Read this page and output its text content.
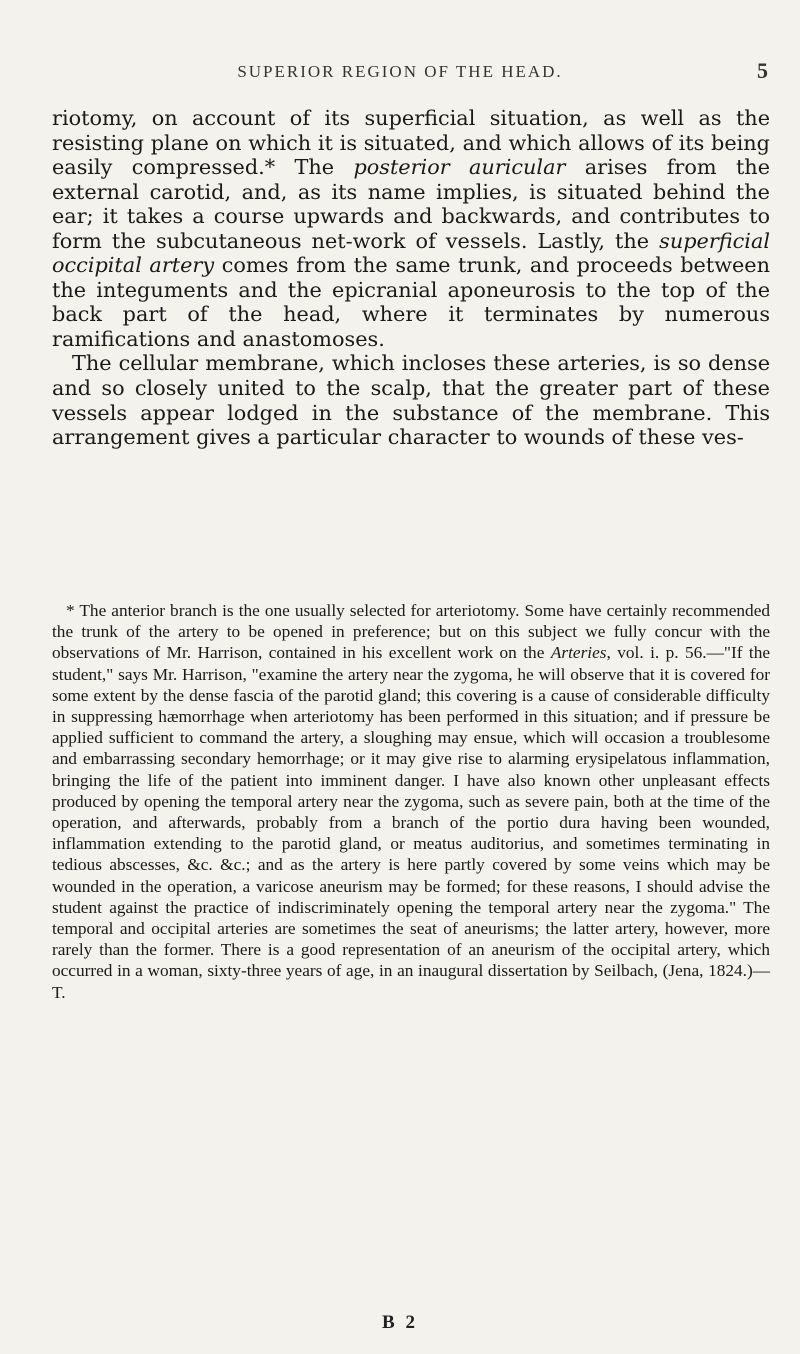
SUPERIOR REGION OF THE HEAD.	5

riotomy, on account of its superficial situation, as well as the resisting plane on which it is situated, and which allows of its being easily compressed.* The posterior auricular arises from the external carotid, and, as its name implies, is situated behind the ear; it takes a course upwards and backwards, and contributes to form the subcutaneous net-work of vessels. Lastly, the superficial occipital artery comes from the same trunk, and proceeds between the integuments and the epicranial aponeurosis to the top of the back part of the head, where it terminates by numerous ramifications and anastomoses.

The cellular membrane, which incloses these arteries, is so dense and so closely united to the scalp, that the greater part of these vessels appear lodged in the substance of the membrane. This arrangement gives a particular character to wounds of these ves-

* The anterior branch is the one usually selected for arteriotomy. Some have certainly recommended the trunk of the artery to be opened in preference; but on this subject we fully concur with the observations of Mr. Harrison, contained in his excellent work on the Arteries, vol. i. p. 56.—"If the student," says Mr. Harrison, "examine the artery near the zygoma, he will observe that it is covered for some extent by the dense fascia of the parotid gland; this covering is a cause of considerable difficulty in suppressing hæmorrhage when arteriotomy has been performed in this situation; and if pressure be applied sufficient to command the artery, a sloughing may ensue, which will occasion a troublesome and embarrassing secondary hemorrhage; or it may give rise to alarming erysipelatous inflammation, bringing the life of the patient into imminent danger. I have also known other unpleasant effects produced by opening the temporal artery near the zygoma, such as severe pain, both at the time of the operation, and afterwards, probably from a branch of the portio dura having been wounded, inflammation extending to the parotid gland, or meatus auditorius, and sometimes terminating in tedious abscesses, &c. &c.; and as the artery is here partly covered by some veins which may be wounded in the operation, a varicose aneurism may be formed; for these reasons, I should advise the student against the practice of indiscriminately opening the temporal artery near the zygoma." The temporal and occipital arteries are sometimes the seat of aneurisms; the latter artery, however, more rarely than the former. There is a good representation of an aneurism of the occipital artery, which occurred in a woman, sixty-three years of age, in an inaugural dissertation by Seilbach, (Jena, 1824.)—T.

B 2
